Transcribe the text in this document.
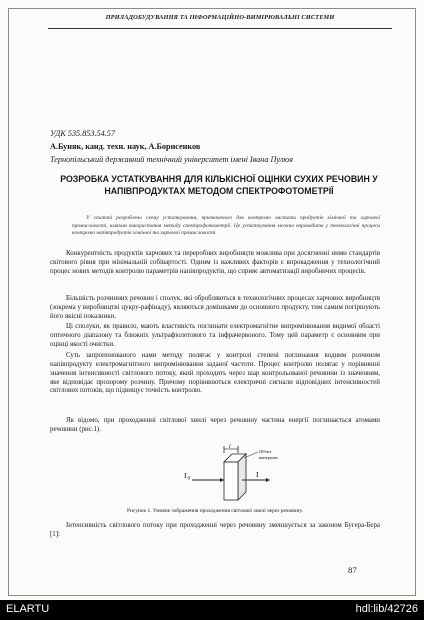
ПРИЛАДОБУДУВАННЯ ТА ІНФОРМАЦІЙНО-ВИМІРЮВАЛЬНІ СИСТЕМИ
УДК 535.853.54.57
А.Буняк, канд. техн. наук, А.Борисенков
Тернопільський державний технічний університет імені Івана Пулюя
РОЗРОБКА УСТАТКУВАННЯ ДЛЯ КІЛЬКІСНОЇ ОЦІНКИ СУХИХ РЕЧОВИН У НАПІВПРОДУКТАХ МЕТОДОМ СПЕКТРОФОТОМЕТРІЇ
У статті розроблено схему устаткування, призначеного для контролю чистоти продуктів хімічної та харчової промисловості, шляхом використання методу спектрофотометрії. Це устаткування можна впровадити у технологічні процеси контролю напівпродуктів хімічної та харчової промисловості.

Конкурентність продуктів харчових та переробних виробництв можлива при досягненні ними стандартів світового рівня при мінімальній собівартості. Одним із важливих факторів є впровадження у технологічний процес нових методів контролю параметрів напівпродуктів, що сприяє автоматизації виробничих процесів.

Більшість розчинних речовин і сполук, які обробляються в технологічних процесах харчових виробництв (зокрема у виробництві цукру-рафінаду), являються домішками до основного продукту, тим самим погіршують його якісні показники.

Ці сполуки, як правило, мають властивість поглинати електромагнітне випромінювання видимої області оптичного діапазону та ближніх ультрафіолетового та інфрачервоного. Тому цей параметр є основним при оцінці якості очистки.

Суть запропонованого нами методу полягає у контролі степені поглинання водним розчином напівпродукту електромагнітного випромінювання заданої частоти. Процес контролю полягає у порівнянні значення інтенсивності світлового потоку, який проходить через шар контрольованої речовини із значенням, яке відповідає прозорому розчину. Причому порівнюються електричні сигнали відповідних інтенсивностей світлових потоків, що підвищує точність контролю.

Як відомо, при проходженні світлової хвилі через речовину частина енергії поглинається атомами речовини (рис.1).

l
Об'єкт
контролю
I 0	I
Рисунок 1. Умовне зображення проходження світлової хвилі через речовину.

Інтенсивність світлового потоку при проходженні через речовину зменшується за законом Бугера-Бера [1]:

87
ELARTU	hdl:lib/42726
